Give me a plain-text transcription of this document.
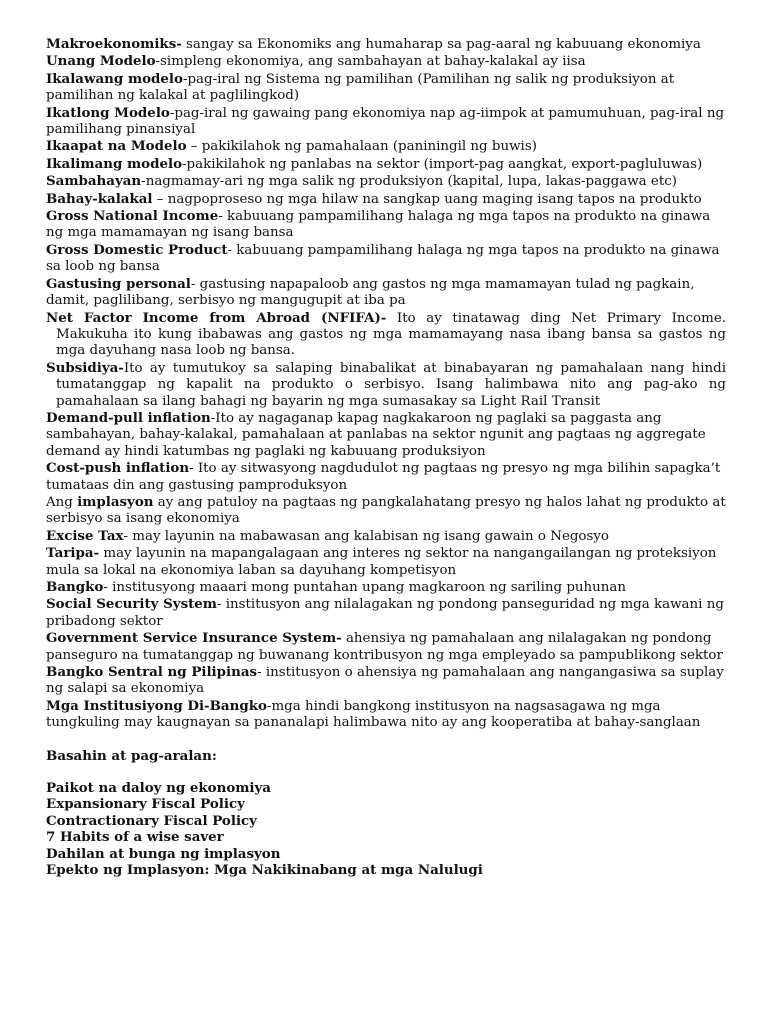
Makroekonomiks- sangay sa Ekonomiks ang humaharap sa pag-aaral ng kabuuang ekonomiya

Unang Modelo-simpleng ekonomiya, ang sambahayan at bahay-kalakal ay iisa

Ikalawang modelo-pag-iral ng Sistema ng pamilihan (Pamilihan ng salik ng produksiyon at pamilihan ng kalakal at paglilingkod)

Ikatlong Modelo-pag-iral ng gawaing pang ekonomiya nap ag-iimpok at pamumuhuan, pag-iral ng pamilihang pinansiyal

Ikaapat na Modelo – pakikilahok ng pamahalaan (paniningil ng buwis)

Ikalimang modelo-pakikilahok ng panlabas na sektor (import-pag aangkat, export-pagluluwas)

Sambahayan-nagmamay-ari ng mga salik ng produksiyon (kapital, lupa, lakas-paggawa etc)

Bahay-kalakal – nagpoproseso ng mga hilaw na sangkap uang maging isang tapos na produkto

Gross National Income- kabuuang pampamilihang halaga ng mga tapos na produkto na ginawa ng mga mamamayan ng isang bansa

Gross Domestic Product- kabuuang pampamilihang halaga ng mga tapos na produkto na ginawa sa loob ng bansa

Gastusing personal- gastusing napapaloob ang gastos ng mga mamamayan tulad ng pagkain, damit, paglilibang, serbisyo ng mangugupit at iba pa

Net Factor Income from Abroad (NFIFA)- Ito ay tinatawag ding Net Primary Income. Makukuha ito kung ibabawas ang gastos ng mga mamamayang nasa ibang bansa sa gastos ng mga dayuhang nasa loob ng bansa.

Subsidiya-Ito ay tumutukoy sa salaping binabalikat at binabayaran ng pamahalaan nang hindi tumatanggap ng kapalit na produkto o serbisyo. Isang halimbawa nito ang pag-ako ng pamahalaan sa ilang bahagi ng bayarin ng mga sumasakay sa Light Rail Transit

Demand-pull inflation-Ito ay nagaganap kapag nagkakaroon ng paglaki sa paggasta ang sambahayan, bahay-kalakal, pamahalaan at panlabas na sektor ngunit ang pagtaas ng aggregate demand ay hindi katumbas ng paglaki ng kabuuang produksiyon

Cost-push inflation- Ito ay sitwasyong nagdudulot ng pagtaas ng presyo ng mga bilihin sapagka’t tumataas din ang gastusing pamproduksyon

Ang implasyon ay ang patuloy na pagtaas ng pangkalahatang presyo ng halos lahat ng produkto at serbisyo sa isang ekonomiya

Excise Tax- may layunin na mabawasan ang kalabisan ng isang gawain o Negosyo

Taripa- may layunin na mapangalagaan ang interes ng sektor na nangangailangan ng proteksiyon mula sa lokal na ekonomiya laban sa dayuhang kompetisyon

Bangko- institusyong maaari mong puntahan upang magkaroon ng sariling puhunan

Social Security System- institusyon ang nilalagakan ng pondong panseguridad ng mga kawani ng pribadong sektor

Government Service Insurance System- ahensiya ng pamahalaan ang nilalagakan ng pondong panseguro na tumatanggap ng buwanang kontribusyon ng mga empleyado sa pampublikong sektor

Bangko Sentral ng Pilipinas- institusyon o ahensiya ng pamahalaan ang nangangasiwa sa suplay ng salapi sa ekonomiya

Mga Institusiyong Di-Bangko-mga hindi bangkong institusyon na nagsasagawa ng mga tungkuling may kaugnayan sa pananalapi halimbawa nito ay ang kooperatiba at bahay-sanglaan

Basahin at pag-aralan:

Paikot na daloy ng ekonomiya
Expansionary Fiscal Policy
Contractionary Fiscal Policy
7 Habits of a wise saver
Dahilan at bunga ng implasyon
Epekto ng Implasyon: Mga Nakikinabang at mga Nalulugi
